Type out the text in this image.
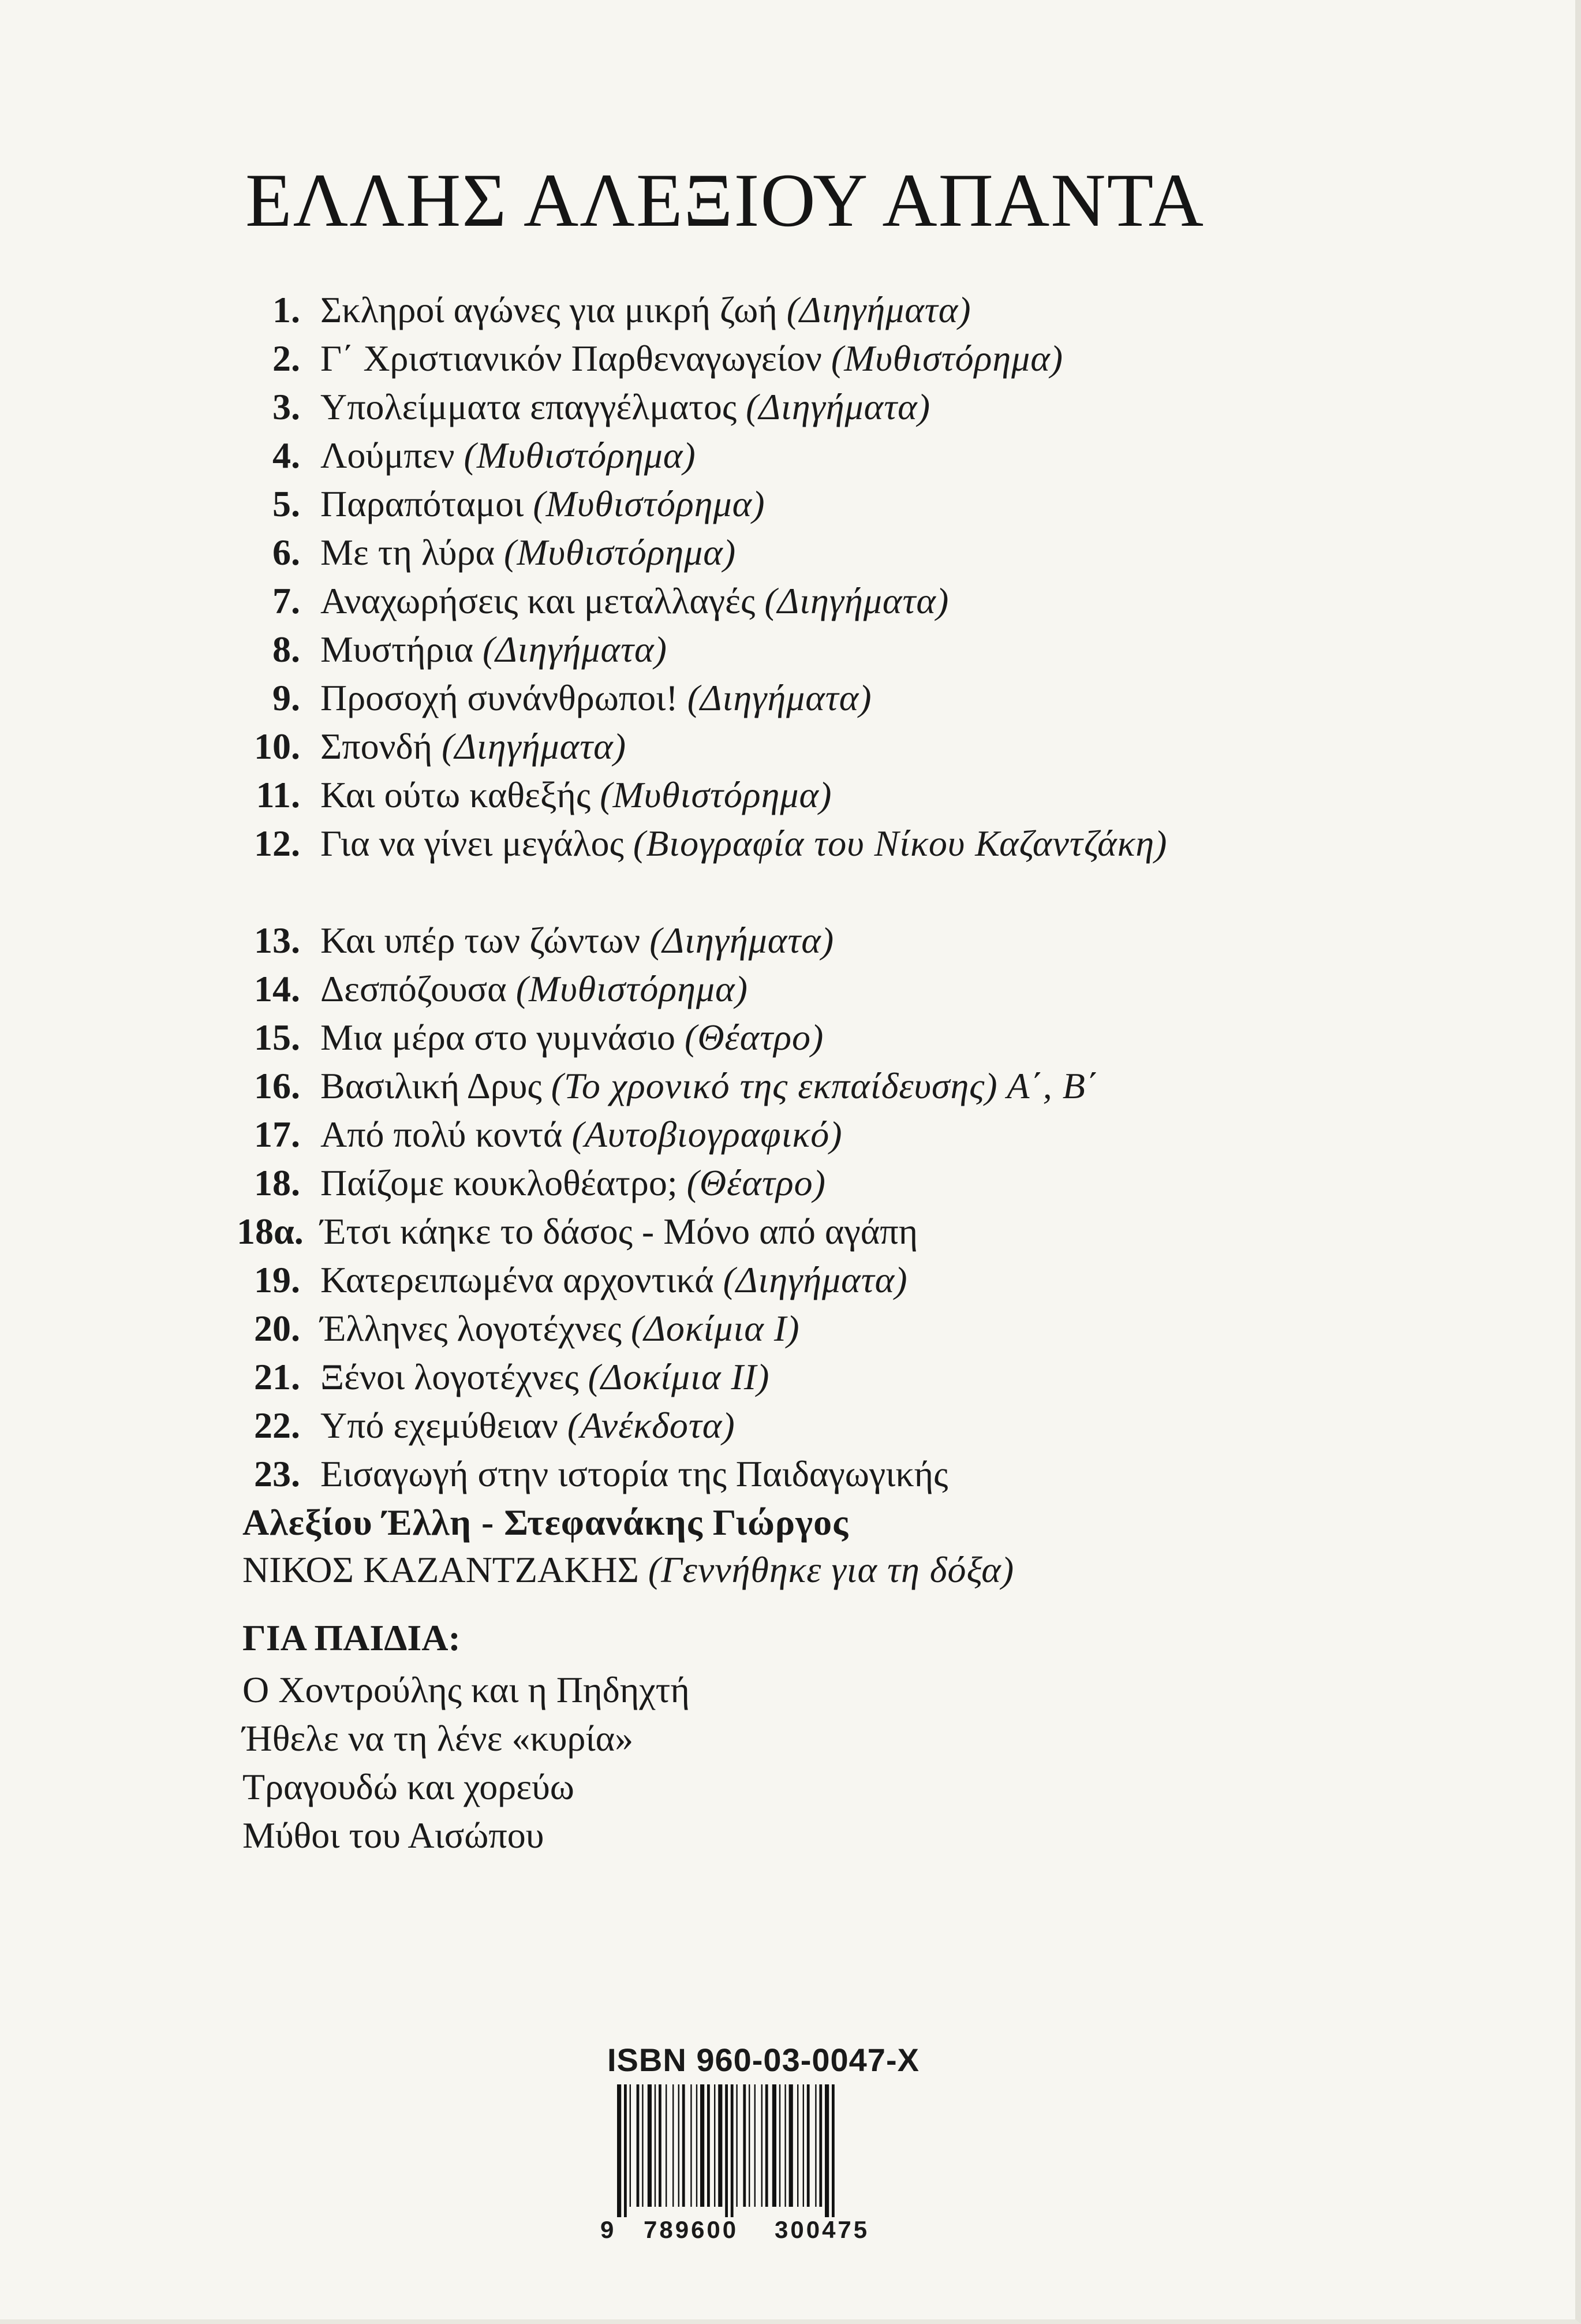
ΕΛΛΗΣ ΑΛΕΞΙΟΥ ΑΠΑΝΤΑ
1. Σκληροί αγώνες για μικρή ζωή (Διηγήματα)
2. Γ΄ Χριστιανικόν Παρθεναγωγείον (Μυθιστόρημα)
3. Υπολείμματα επαγγέλματος (Διηγήματα)
4. Λούμπεν (Μυθιστόρημα)
5. Παραπόταμοι (Μυθιστόρημα)
6. Με τη λύρα (Μυθιστόρημα)
7. Αναχωρήσεις και μεταλλαγές (Διηγήματα)
8. Μυστήρια (Διηγήματα)
9. Προσοχή συνάνθρωποι! (Διηγήματα)
10. Σπονδή (Διηγήματα)
11. Και ούτω καθεξής (Μυθιστόρημα)
12. Για να γίνει μεγάλος (Βιογραφία του Νίκου Καζαντζάκη)
13. Και υπέρ των ζώντων (Διηγήματα)
14. Δεσπόζουσα (Μυθιστόρημα)
15. Μια μέρα στο γυμνάσιο (Θέατρο)
16. Βασιλική Δρυς (Το χρονικό της εκπαίδευσης) Α΄, Β΄
17. Από πολύ κοντά (Αυτοβιογραφικό)
18. Παίζομε κουκλοθέατρο; (Θέατρο)
18α. Έτσι κάηκε το δάσος - Μόνο από αγάπη
19. Κατερειπωμένα αρχοντικά (Διηγήματα)
20. Έλληνες λογοτέχνες (Δοκίμια Ι)
21. Ξένοι λογοτέχνες (Δοκίμια ΙΙ)
22. Υπό εχεμύθειαν (Ανέκδοτα)
23. Εισαγωγή στην ιστορία της Παιδαγωγικής
Αλεξίου Έλλη - Στεφανάκης Γιώργος
ΝΙΚΟΣ ΚΑΖΑΝΤΖΑΚΗΣ (Γεννήθηκε για τη δόξα)
ΓΙΑ ΠΑΙΔΙΑ:
Ο Χοντρούλης και η Πηδηχτή
Ήθελε να τη λένε «κυρία»
Τραγουδώ και χορεύω
Μύθοι του Αισώπου
ISBN 960-03-0047-X
9 789600 300475
